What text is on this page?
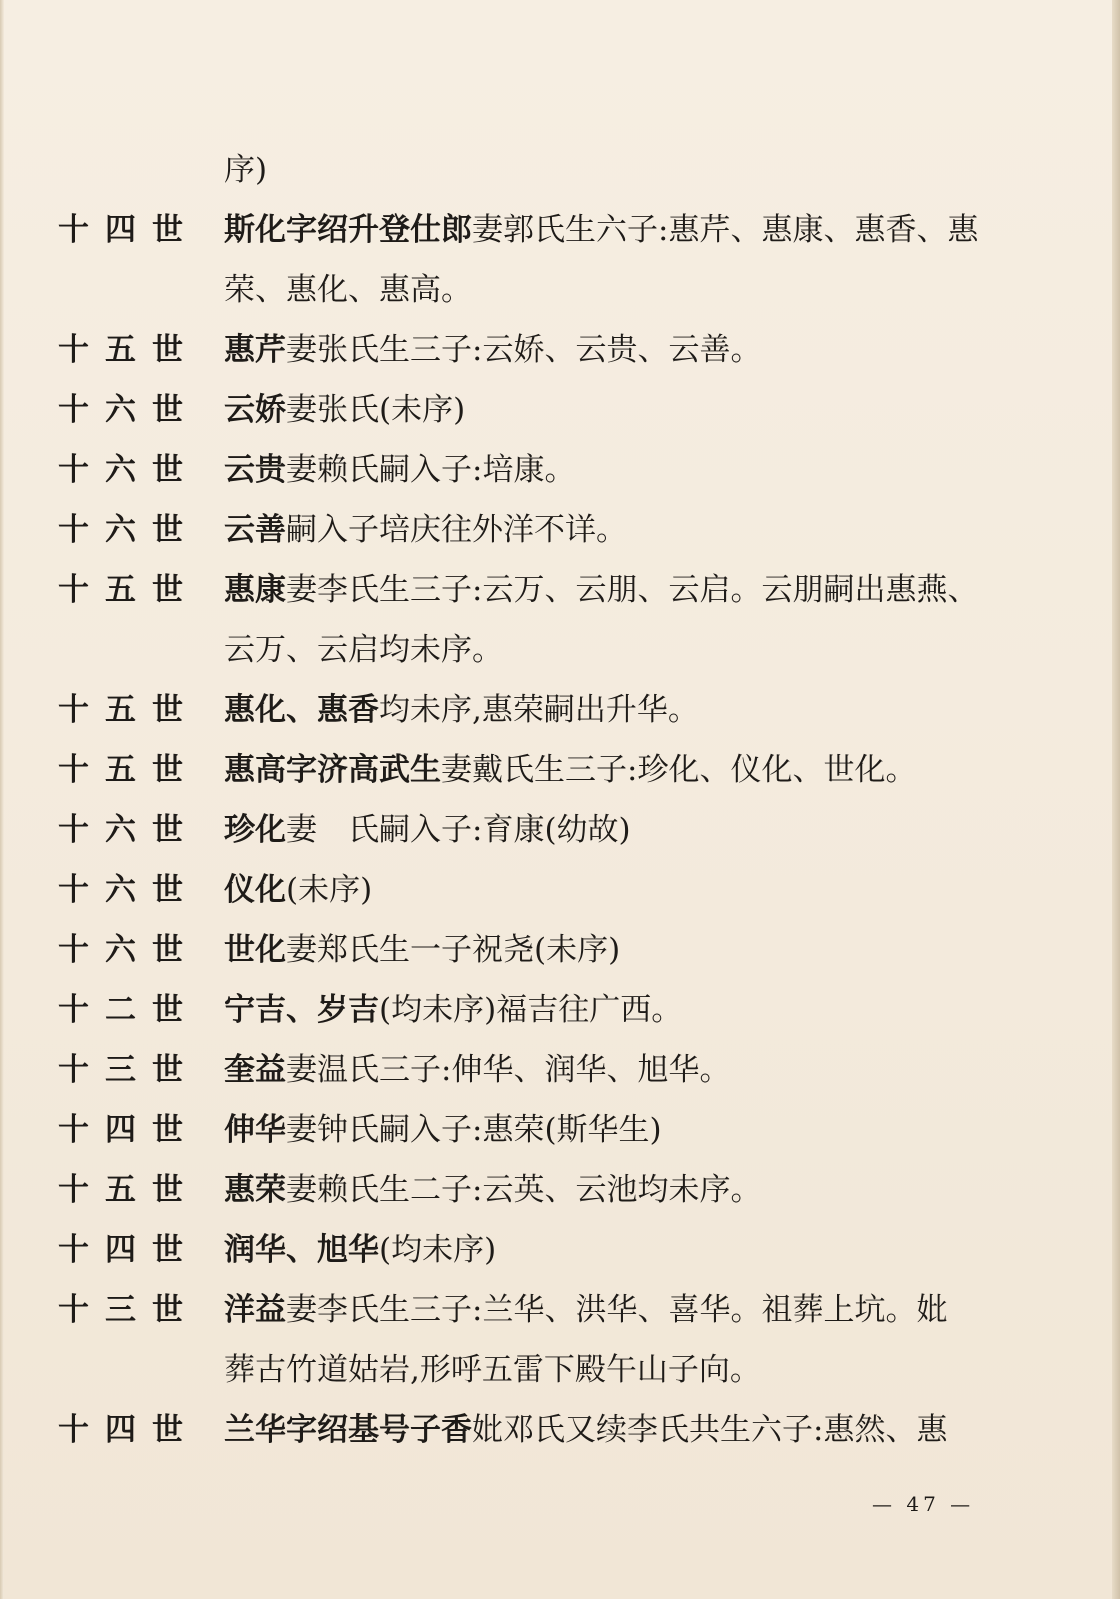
序)
十四世 斯化字绍升登仕郎妻郭氏生六子:惠芹、惠康、惠香、惠
荣、惠化、惠高。
十五世 惠芹妻张氏生三子:云娇、云贵、云善。
十六世 云娇妻张氏(未序)
十六世 云贵妻赖氏嗣入子:培康。
十六世 云善嗣入子培庆往外洋不详。
十五世 惠康妻李氏生三子:云万、云朋、云启。云朋嗣出惠燕、
云万、云启均未序。
十五世 惠化、惠香均未序,惠荣嗣出升华。
十五世 惠高字济高武生妻戴氏生三子:珍化、仪化、世化。
十六世 珍化妻　氏嗣入子:育康(幼故)
十六世 仪化(未序)
十六世 世化妻郑氏生一子祝尧(未序)
十二世 宁吉、岁吉(均未序)福吉往广西。
十三世 奎益妻温氏三子:伸华、润华、旭华。
十四世 伸华妻钟氏嗣入子:惠荣(斯华生)
十五世 惠荣妻赖氏生二子:云英、云池均未序。
十四世 润华、旭华(均未序)
十三世 洋益妻李氏生三子:兰华、洪华、喜华。祖葬上坑。妣
葬古竹道姑岩,形呼五雷下殿午山子向。
十四世 兰华字绍基号子香妣邓氏又续李氏共生六子:惠然、惠
— 47 —
